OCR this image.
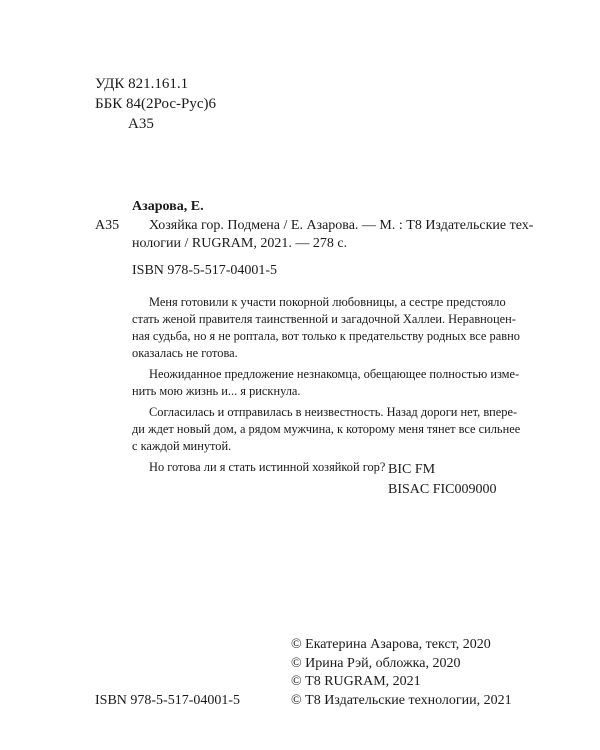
УДК 821.161.1
ББК 84(2Рос-Рус)6
А35
Азарова, Е.
А35	Хозяйка гор. Подмена / Е. Азарова. — М. : Т8 Издательские тех-
нологии / RUGRAM, 2021. — 278 с.
ISBN 978-5-517-04001-5
Меня готовили к участи покорной любовницы, а сестре предстояло
стать женой правителя таинственной и загадочной Халлеи. Неравноцен-
ная судьба, но я не роптала, вот только к предательству родных все равно
оказалась не готова.
Неожиданное предложение незнакомца, обещающее полностью изме-
нить мою жизнь и... я рискнула.
Согласилась и отправилась в неизвестность. Назад дороги нет, впере-
ди ждет новый дом, а рядом мужчина, к которому меня тянет все сильнее
с каждой минутой.
Но готова ли я стать истинной хозяйкой гор? BIC FM
BISAC FIC009000
© Екатерина Азарова, текст, 2020
© Ирина Рэй, обложка, 2020
© Т8 RUGRAM, 2021
© Т8 Издательские технологии, 2021
ISBN 978-5-517-04001-5
